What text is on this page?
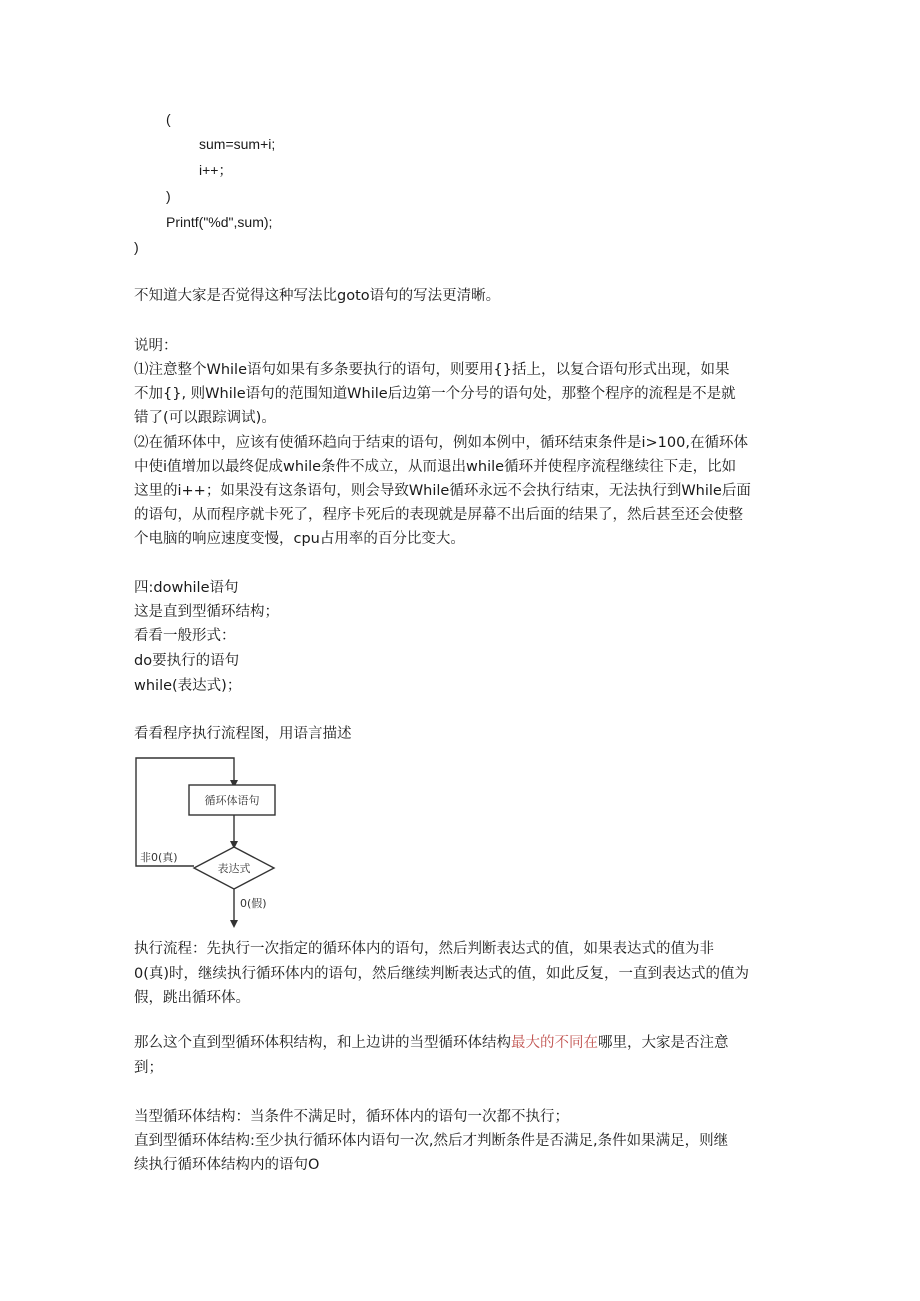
(
sum=sum+i;
i++；
)
Printf("%d",sum);
)
不知道大家是否觉得这种写法比goto语句的写法更清晰。
说明：
⑴注意整个While语句如果有多条要执行的语句，则要用{}括上，以复合语句形式出现，如果
不加{}, 则While语句的范围知道While后边第一个分号的语句处，那整个程序的流程是不是就
错了(可以跟踪调试)。
⑵在循环体中，应该有使循环趋向于结束的语句，例如本例中，循环结束条件是i>100,在循环体
中使i值增加以最终促成while条件不成立，从而退出while循环并使程序流程继续往下走，比如
这里的i++；如果没有这条语句，则会导致While循环永远不会执行结束，无法执行到While后面
的语句，从而程序就卡死了，程序卡死后的表现就是屏幕不出后面的结果了，然后甚至还会使整
个电脑的响应速度变慢，cpu占用率的百分比变大。
四:dowhile语句
这是直到型循环结构；
看看一般形式：
do要执行的语句
while(表达式)；
看看程序执行流程图，用语言描述
循环体语句
表达式
非0(真)
0(假)
执行流程：先执行一次指定的循环体内的语句，然后判断表达式的值，如果表达式的值为非
0(真)时，继续执行循环体内的语句，然后继续判断表达式的值，如此反复，一直到表达式的值为
假，跳出循环体。
那么这个直到型循环体积结构，和上边讲的当型循环体结构最大的不同在哪里，大家是否注意
到；
当型循环体结构：当条件不满足时，循环体内的语句一次都不执行；
直到型循环体结构:至少执行循环体内语句一次,然后才判断条件是否满足,条件如果满足，则继
续执行循环体结构内的语句O
